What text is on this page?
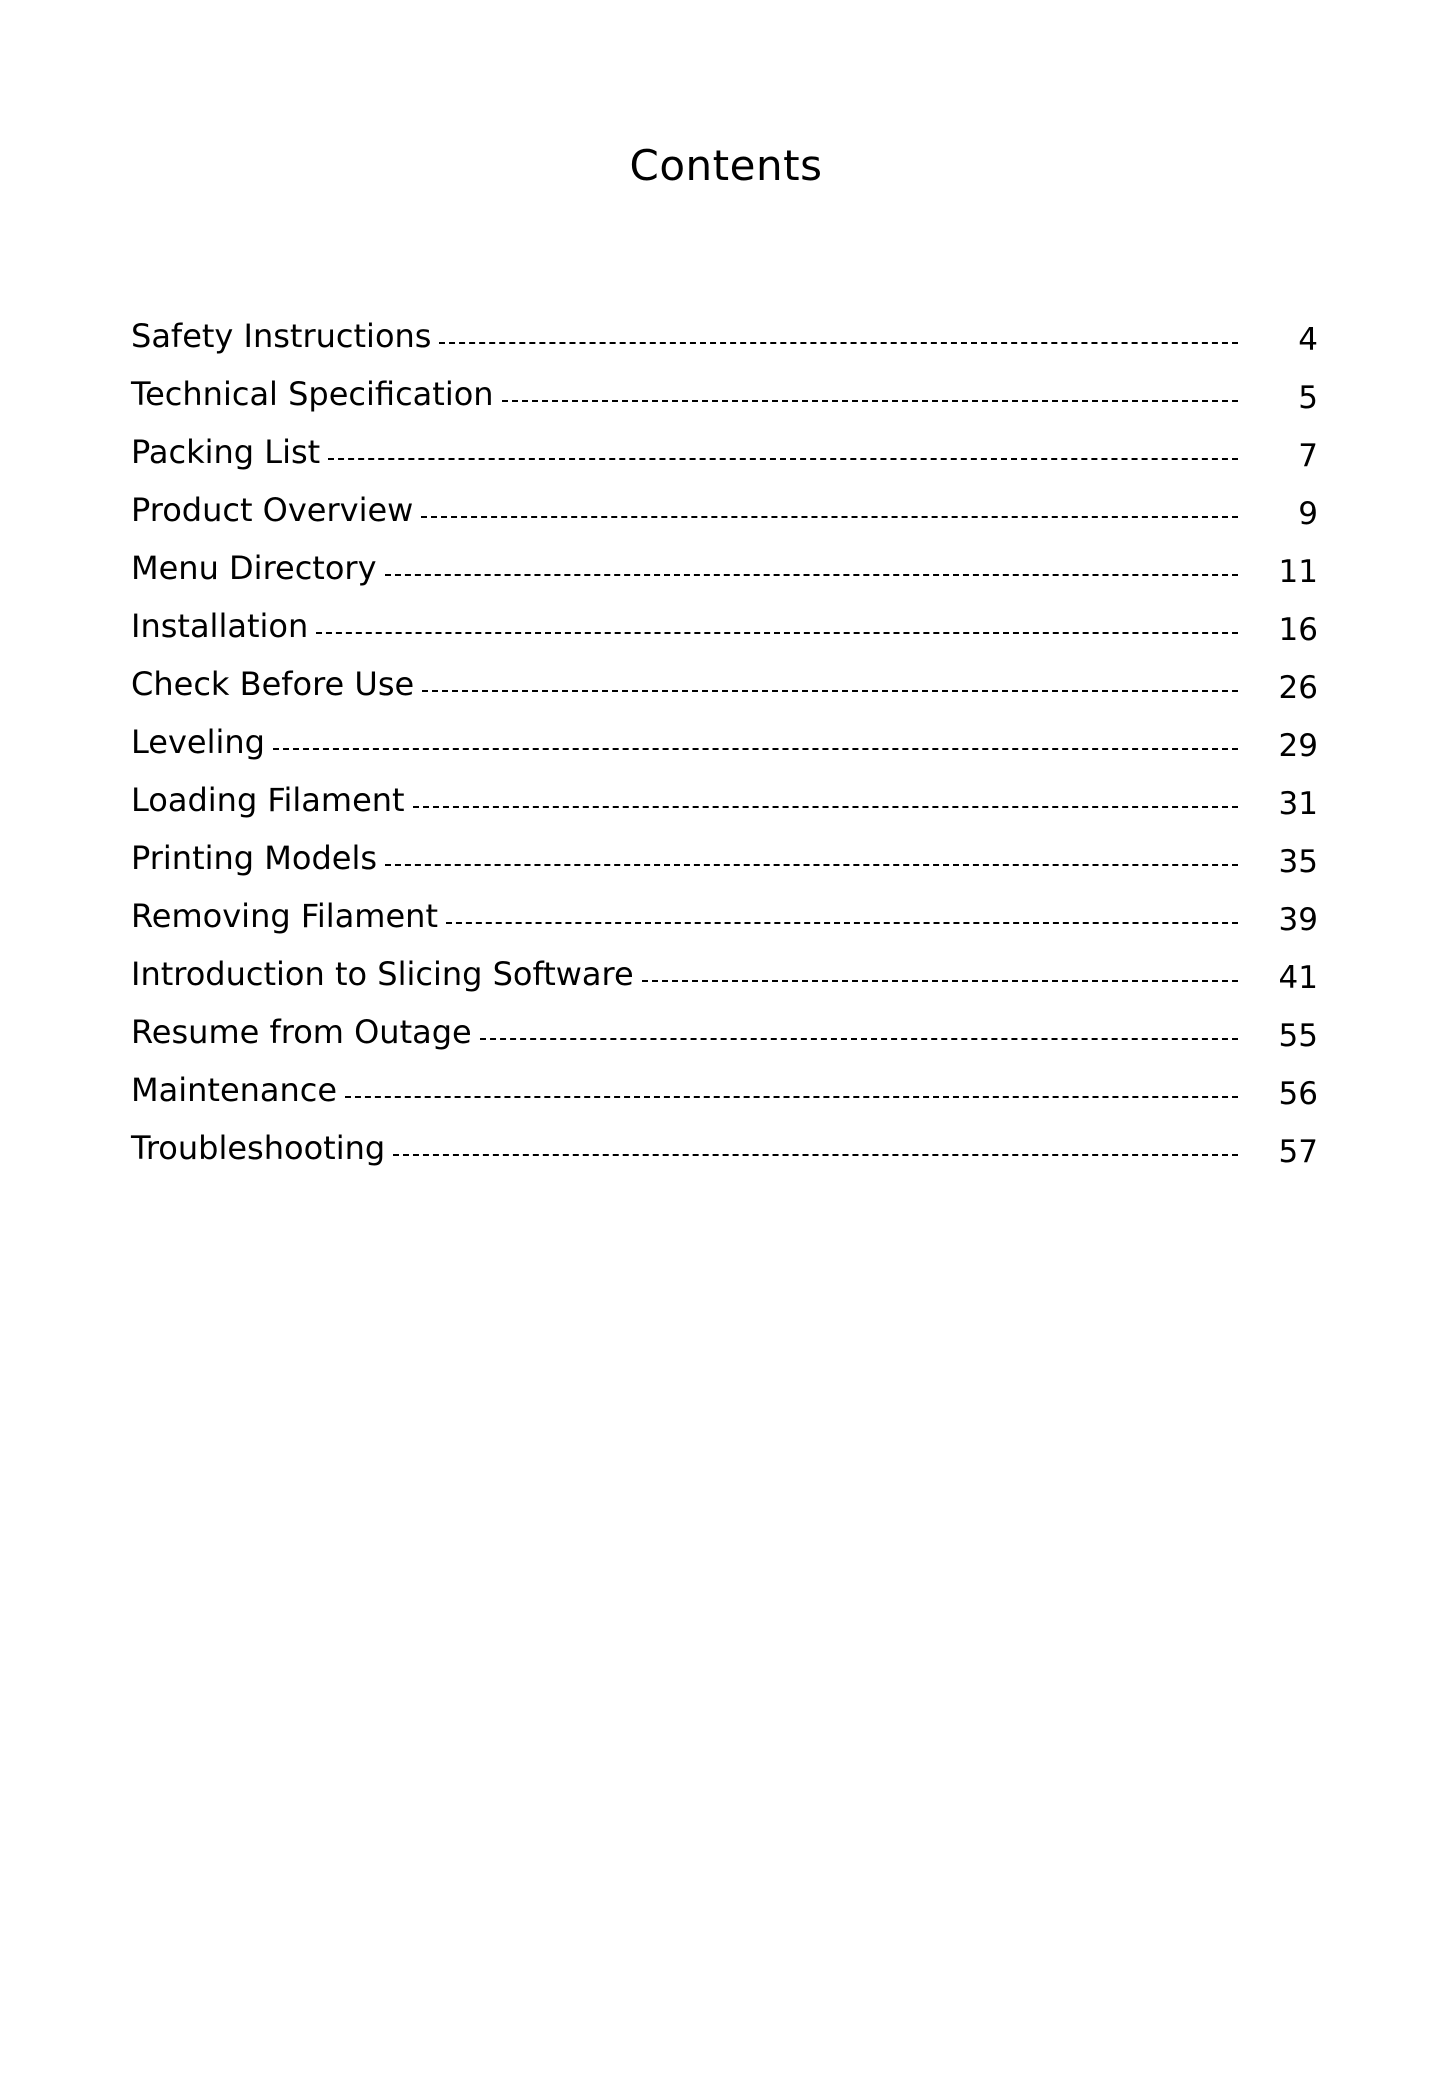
Contents
Safety Instructions	4
Technical Specification	5
Packing List	7
Product Overview	9
Menu Directory	11
Installation	16
Check Before Use	26
Leveling	29
Loading Filament	31
Printing Models	35
Removing Filament	39
Introduction to Slicing Software	41
Resume from Outage	55
Maintenance	56
Troubleshooting	57
